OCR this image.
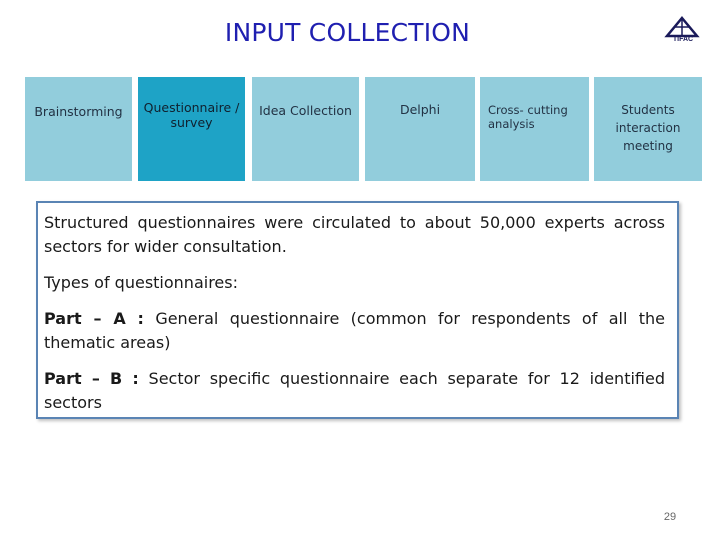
INPUT COLLECTION	TIFAC
Brainstorming	Questionnaire / survey
Idea Collection	Delphi	Cross- cutting analysis
Students interaction meeting

Structured questionnaires were circulated to about 50,000 experts across sectors for wider consultation.

Types of questionnaires:

Part – A : General questionnaire (common for respondents of all the thematic areas)

Part – B : Sector specific questionnaire each separate for 12 identified sectors

29
